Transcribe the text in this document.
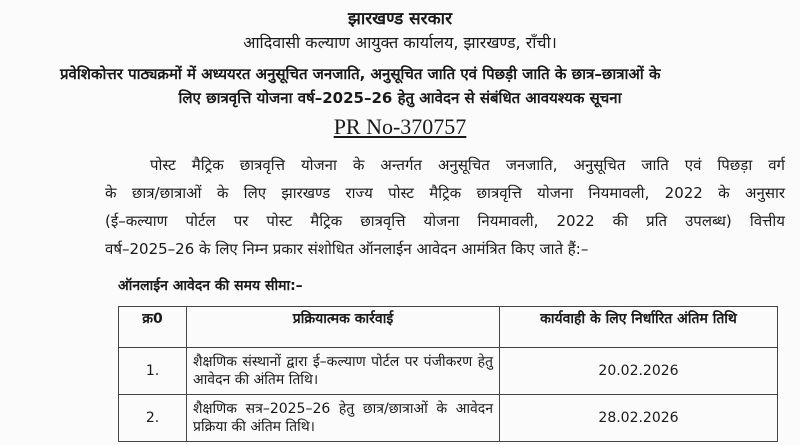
झारखण्ड सरकार
आदिवासी कल्याण आयुक्त कार्यालय, झारखण्ड, राँची।
प्रवेशिकोत्तर पाठ्यक्रमों में अध्ययरत अनुसूचित जनजाति, अनुसूचित जाति एवं पिछड़ी जाति के छात्र–छात्राओं के
लिए छात्रवृत्ति योजना वर्ष–2025–26 हेतु आवेदन से संबंधित आवयश्यक सूचना
PR No-370757
पोस्ट मैट्रिक छात्रवृत्ति योजना के अन्तर्गत अनुसूचित जनजाति, अनुसूचित जाति एवं पिछड़ा वर्ग
के छात्र/छात्राओं के लिए झारखण्ड राज्य पोस्ट मैट्रिक छात्रवृत्ति योजना नियमावली, 2022 के अनुसार
(ई–कल्याण पोर्टल पर पोस्ट मैट्रिक छात्रवृत्ति योजना नियमावली, 2022 की प्रति उपलब्ध) वित्तीय
वर्ष–2025–26 के लिए निम्न प्रकार संशोधित ऑनलाईन आवेदन आमंत्रित किए जाते हैं:–
ऑनलाईन आवेदन की समय सीमा:–
क्र0	प्रक्रियात्मक कार्रवाई	कार्यवाही के लिए निर्धारित अंतिम तिथि
1.	शैक्षणिक संस्थानों द्वारा ई–कल्याण पोर्टल पर पंजीकरण हेतु आवेदन की अंतिम तिथि।	20.02.2026
2.	शैक्षणिक सत्र–2025–26 हेतु छात्र/छात्राओं के आवेदन प्रक्रिया की अंतिम तिथि।	28.02.2026
